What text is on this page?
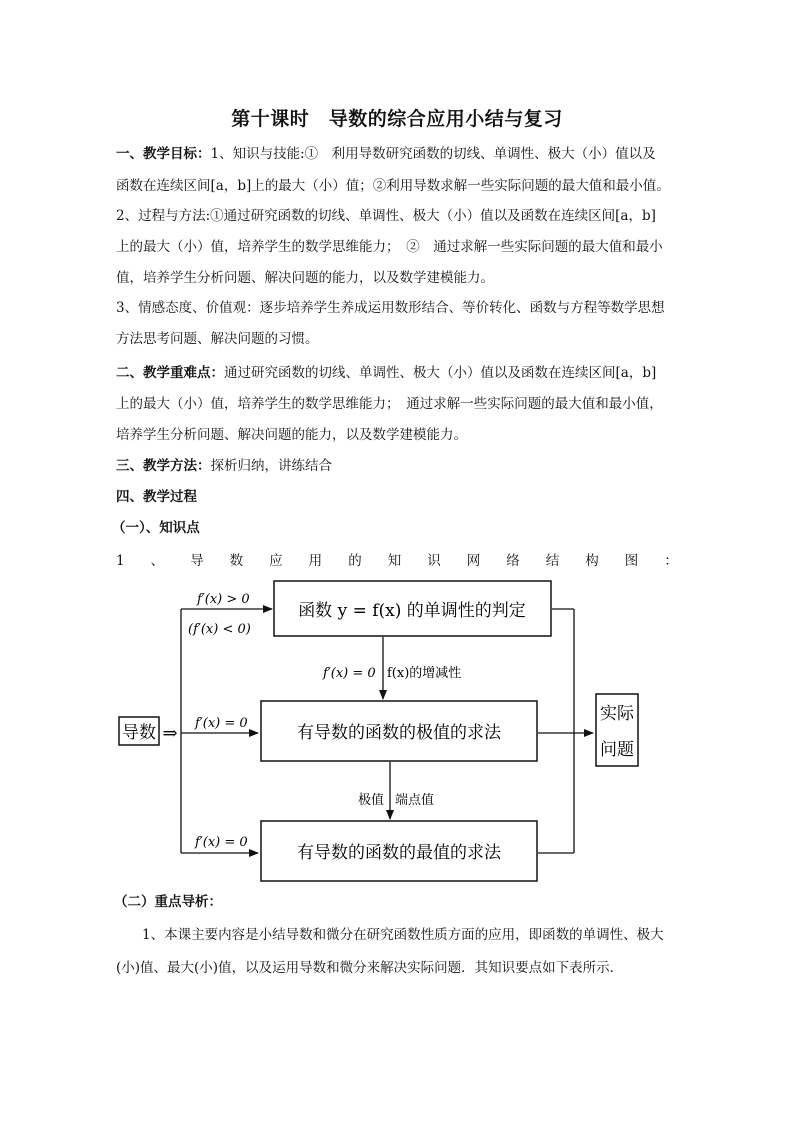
第十课时　导数的综合应用小结与复习
一、教学目标：1、知识与技能:①　利用导数研究函数的切线、单调性、极大（小）值以及
函数在连续区间[a，b]上的最大（小）值；②利用导数求解一些实际问题的最大值和最小值。
2、过程与方法:①通过研究函数的切线、单调性、极大（小）值以及函数在连续区间[a，b]
上的最大（小）值，培养学生的数学思维能力；　②　通过求解一些实际问题的最大值和最小
值，培养学生分析问题、解决问题的能力，以及数学建模能力。
3、情感态度、价值观：逐步培养学生养成运用数形结合、等价转化、函数与方程等数学思想
方法思考问题、解决问题的习惯。
二、教学重难点：通过研究函数的切线、单调性、极大（小）值以及函数在连续区间[a，b]
上的最大（小）值，培养学生的数学思维能力；　通过求解一些实际问题的最大值和最小值，
培养学生分析问题、解决问题的能力，以及数学建模能力。
三、教学方法：探析归纳，讲练结合
四、教学过程
（一）、知识点
1 、 导 数 应 用 的 知 识 网 络 结 构 图 ：
导数 ⇒
f′(x) > 0
(f′(x) < 0)
f′(x) = 0
f′(x) = 0
函数 y = f(x) 的单调性的判定
f′(x) = 0 f(x)的增减性
有导数的函数的极值的求法
极值 端点值
有导数的函数的最值的求法
实际
问题
（二）重点导析：
1、本课主要内容是小结导数和微分在研究函数性质方面的应用，即函数的单调性、极大
(小)值、最大(小)值，以及运用导数和微分来解决实际问题．其知识要点如下表所示．
